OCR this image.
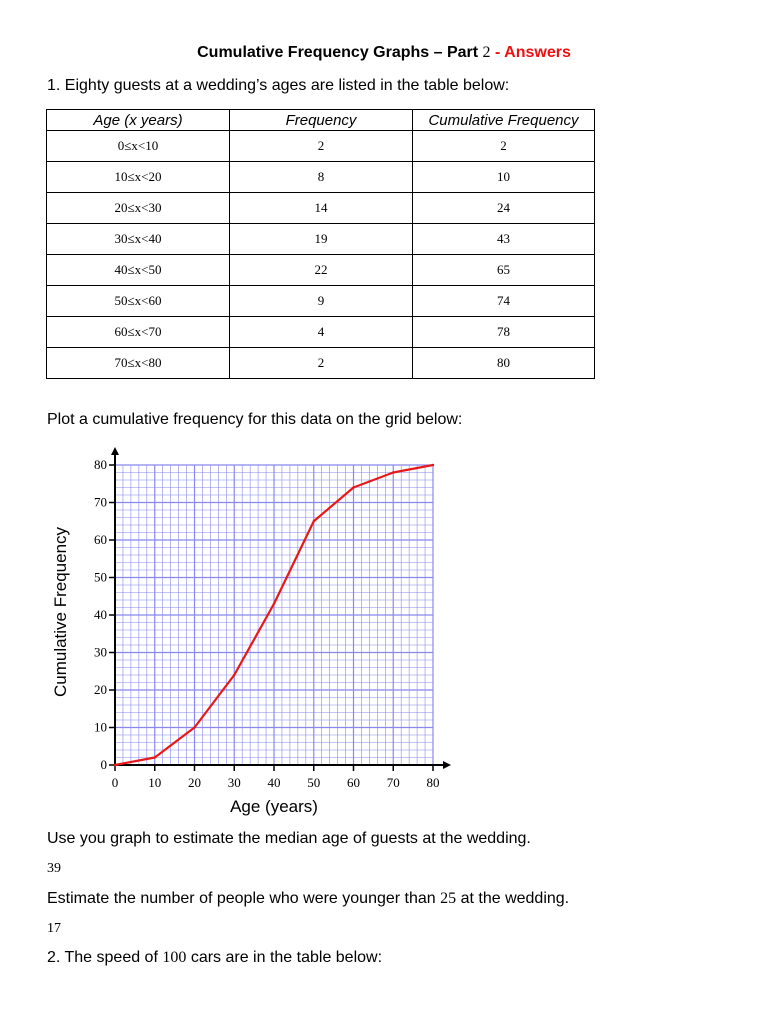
Cumulative Frequency Graphs – Part 2 - Answers
1. Eighty guests at a wedding’s ages are listed in the table below:
Age (x years)	Frequency	Cumulative Frequency
0≤x<10	2	2
10≤x<20	8	10
20≤x<30	14	24
30≤x<40	19	43
40≤x<50	22	65
50≤x<60	9	74
60≤x<70	4	78
70≤x<80	2	80
Plot a cumulative frequency for this data on the grid below:
0
10
20
30
40
50
60
70
80
0 10 20 30 40 50 60 70 80
Age (years)
Cumulative Frequency
Use you graph to estimate the median age of guests at the wedding.
39
Estimate the number of people who were younger than 25 at the wedding.
17
2. The speed of 100 cars are in the table below:
